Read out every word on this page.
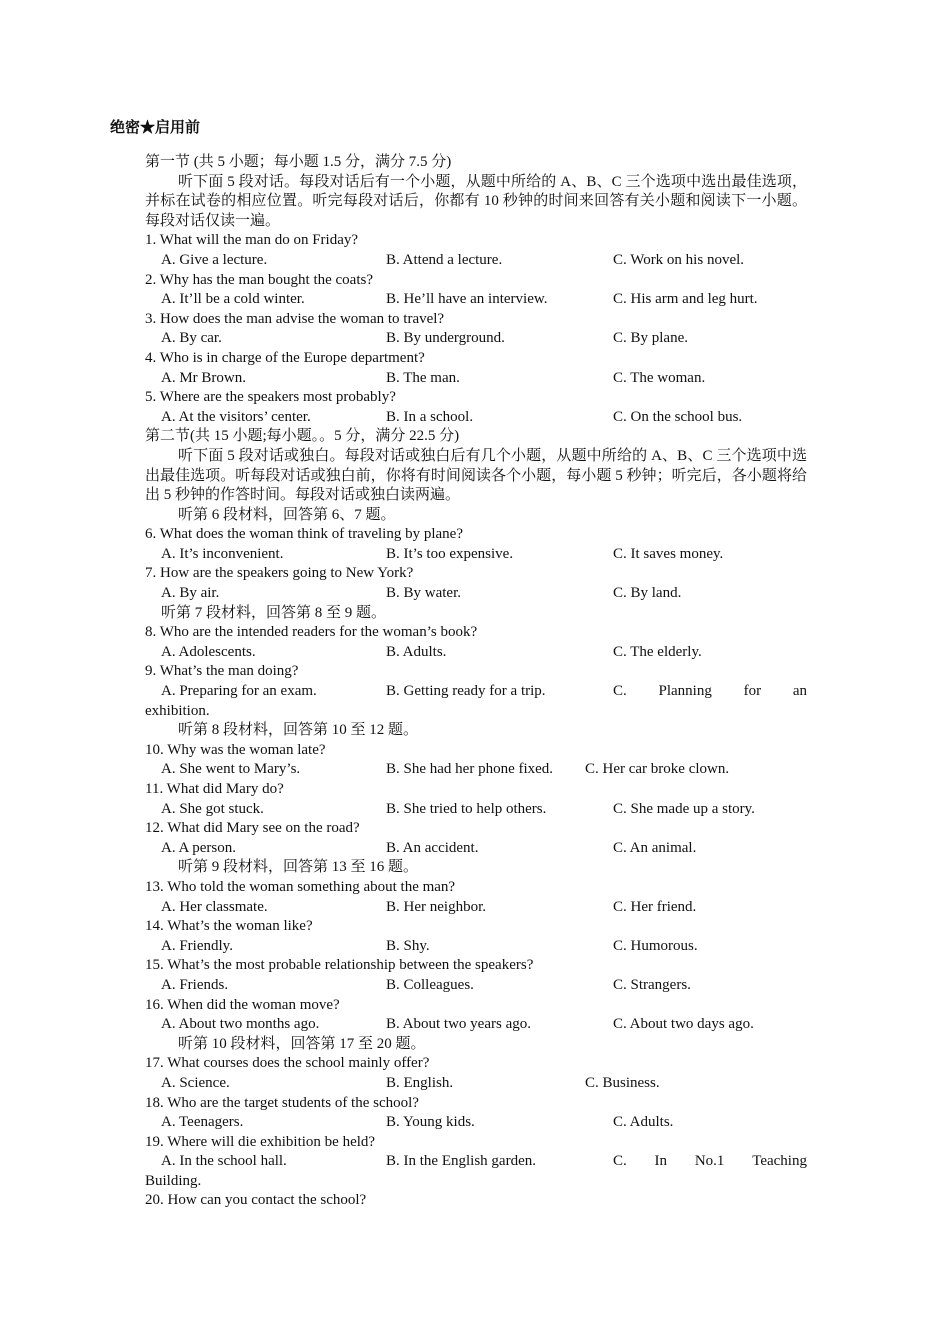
绝密★启用前
第一节 (共 5 小题；每小题 1.5 分，满分 7.5 分)
听下面 5 段对话。每段对话后有一个小题，从题中所给的 A、B、C 三个选项中选出最佳选项，并标在试卷的相应位置。听完每段对话后，你都有 10 秒钟的时间来回答有关小题和阅读下一小题。每段对话仅读一遍。
1. What will the man do on Friday?
A. Give a lecture.	B. Attend a lecture.	C. Work on his novel.
2. Why has the man bought the coats?
A. It’ll be a cold winter.	B. He’ll have an interview.	C. His arm and leg hurt.
3. How does the man advise the woman to travel?
A. By car.	B. By underground.	C. By plane.
4. Who is in charge of the Europe department?
A. Mr Brown.	B. The man.	C. The woman.
5. Where are the speakers most probably?
A. At the visitors’ center.	B. In a school.	C. On the school bus.
第二节(共 15 小题;每小题。。5 分，满分 22.5 分)
听下面 5 段对话或独白。每段对话或独白后有几个小题，从题中所给的 A、B、C 三个选项中选出最佳选项。听每段对话或独白前，你将有时间阅读各个小题，每小题 5 秒钟；听完后，各小题将给出 5 秒钟的作答时间。每段对话或独白读两遍。
听第 6 段材料，回答第 6、7 题。
6. What does the woman think of traveling by plane?
A. It’s inconvenient.	B. It’s too expensive.	C. It saves money.
7. How are the speakers going to New York?
A. By air.	B. By water.	C. By land.
听第 7 段材料，回答第 8 至 9 题。
8. Who are the intended readers for the woman’s book?
A. Adolescents.	B. Adults.	C. The elderly.
9. What’s the man doing?
A. Preparing for an exam.	B. Getting ready for a trip.	C. Planning for an
exhibition.
听第 8 段材料，回答第 10 至 12 题。
10. Why was the woman late?
A. She went to Mary’s.	B. She had her phone fixed. C. Her car broke clown.
11. What did Mary do?
A. She got stuck.	B. She tried to help others.	C. She made up a story.
12. What did Mary see on the road?
A. A person.	B. An accident.	C. An animal.
听第 9 段材料，回答第 13 至 16 题。
13. Who told the woman something about the man?
A. Her classmate.	B. Her neighbor.	C. Her friend.
14. What’s the woman like?
A. Friendly.	B. Shy.	C. Humorous.
15. What’s the most probable relationship between the speakers?
A. Friends.	B. Colleagues.	C. Strangers.
16. When did the woman move?
A. About two months ago.	B. About two years ago.	C. About two days ago.
听第 10 段材料，回答第 17 至 20 题。
17. What courses does the school mainly offer?
A. Science.	B. English.	C. Business.
18. Who are the target students of the school?
A. Teenagers.	B. Young kids.	C. Adults.
19. Where will die exhibition be held?
A. In the school hall.	B. In the English garden.	C. In No.1 Teaching
Building.
20. How can you contact the school?
